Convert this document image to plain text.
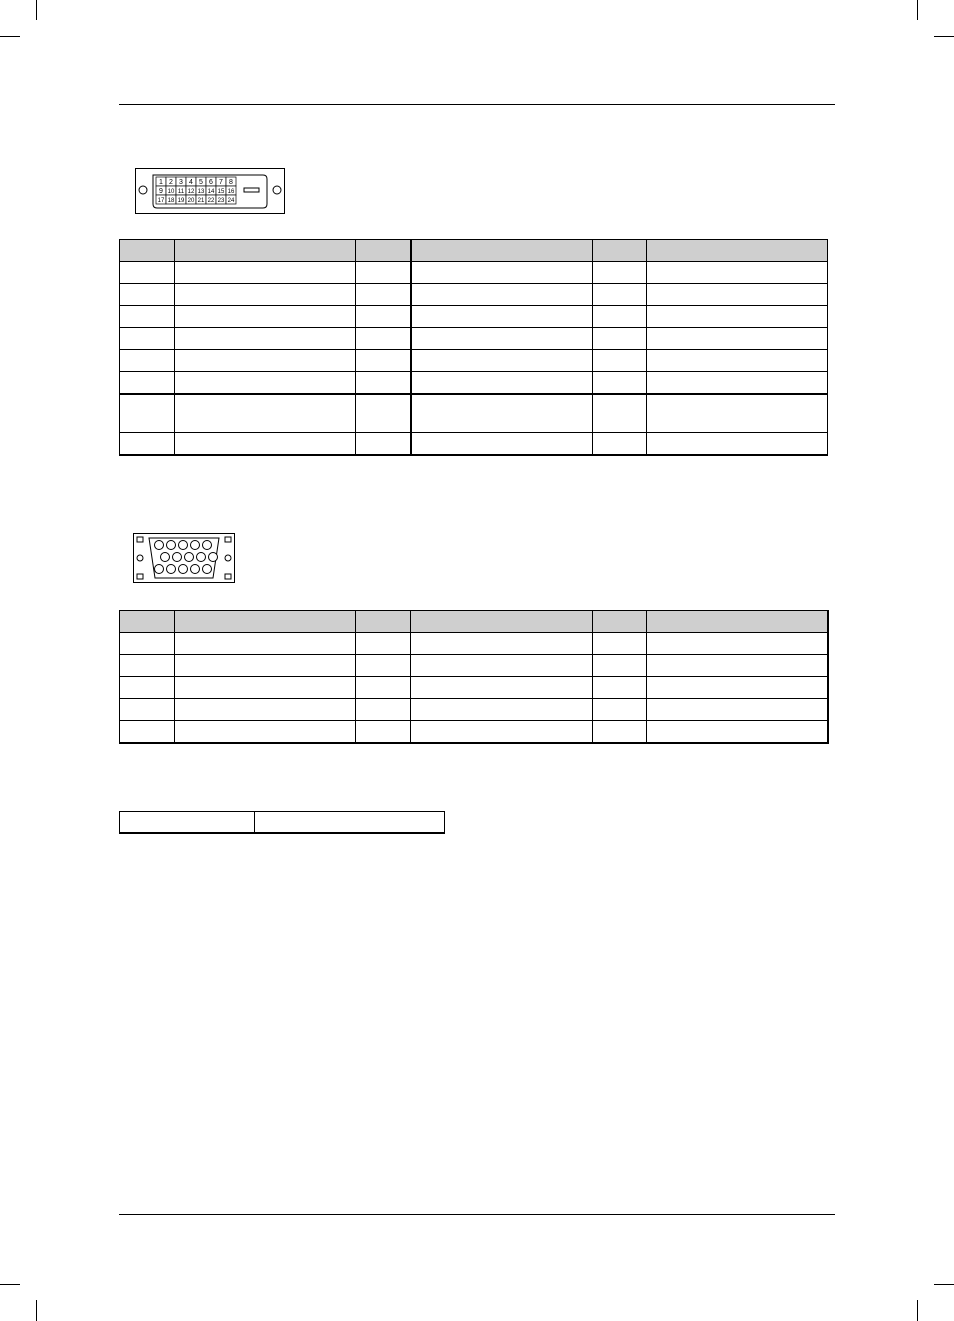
1 2 3 4 5 6 7 8
9 10 11 12 13 14 15 16
17 18 19 20 21 22 23 24
